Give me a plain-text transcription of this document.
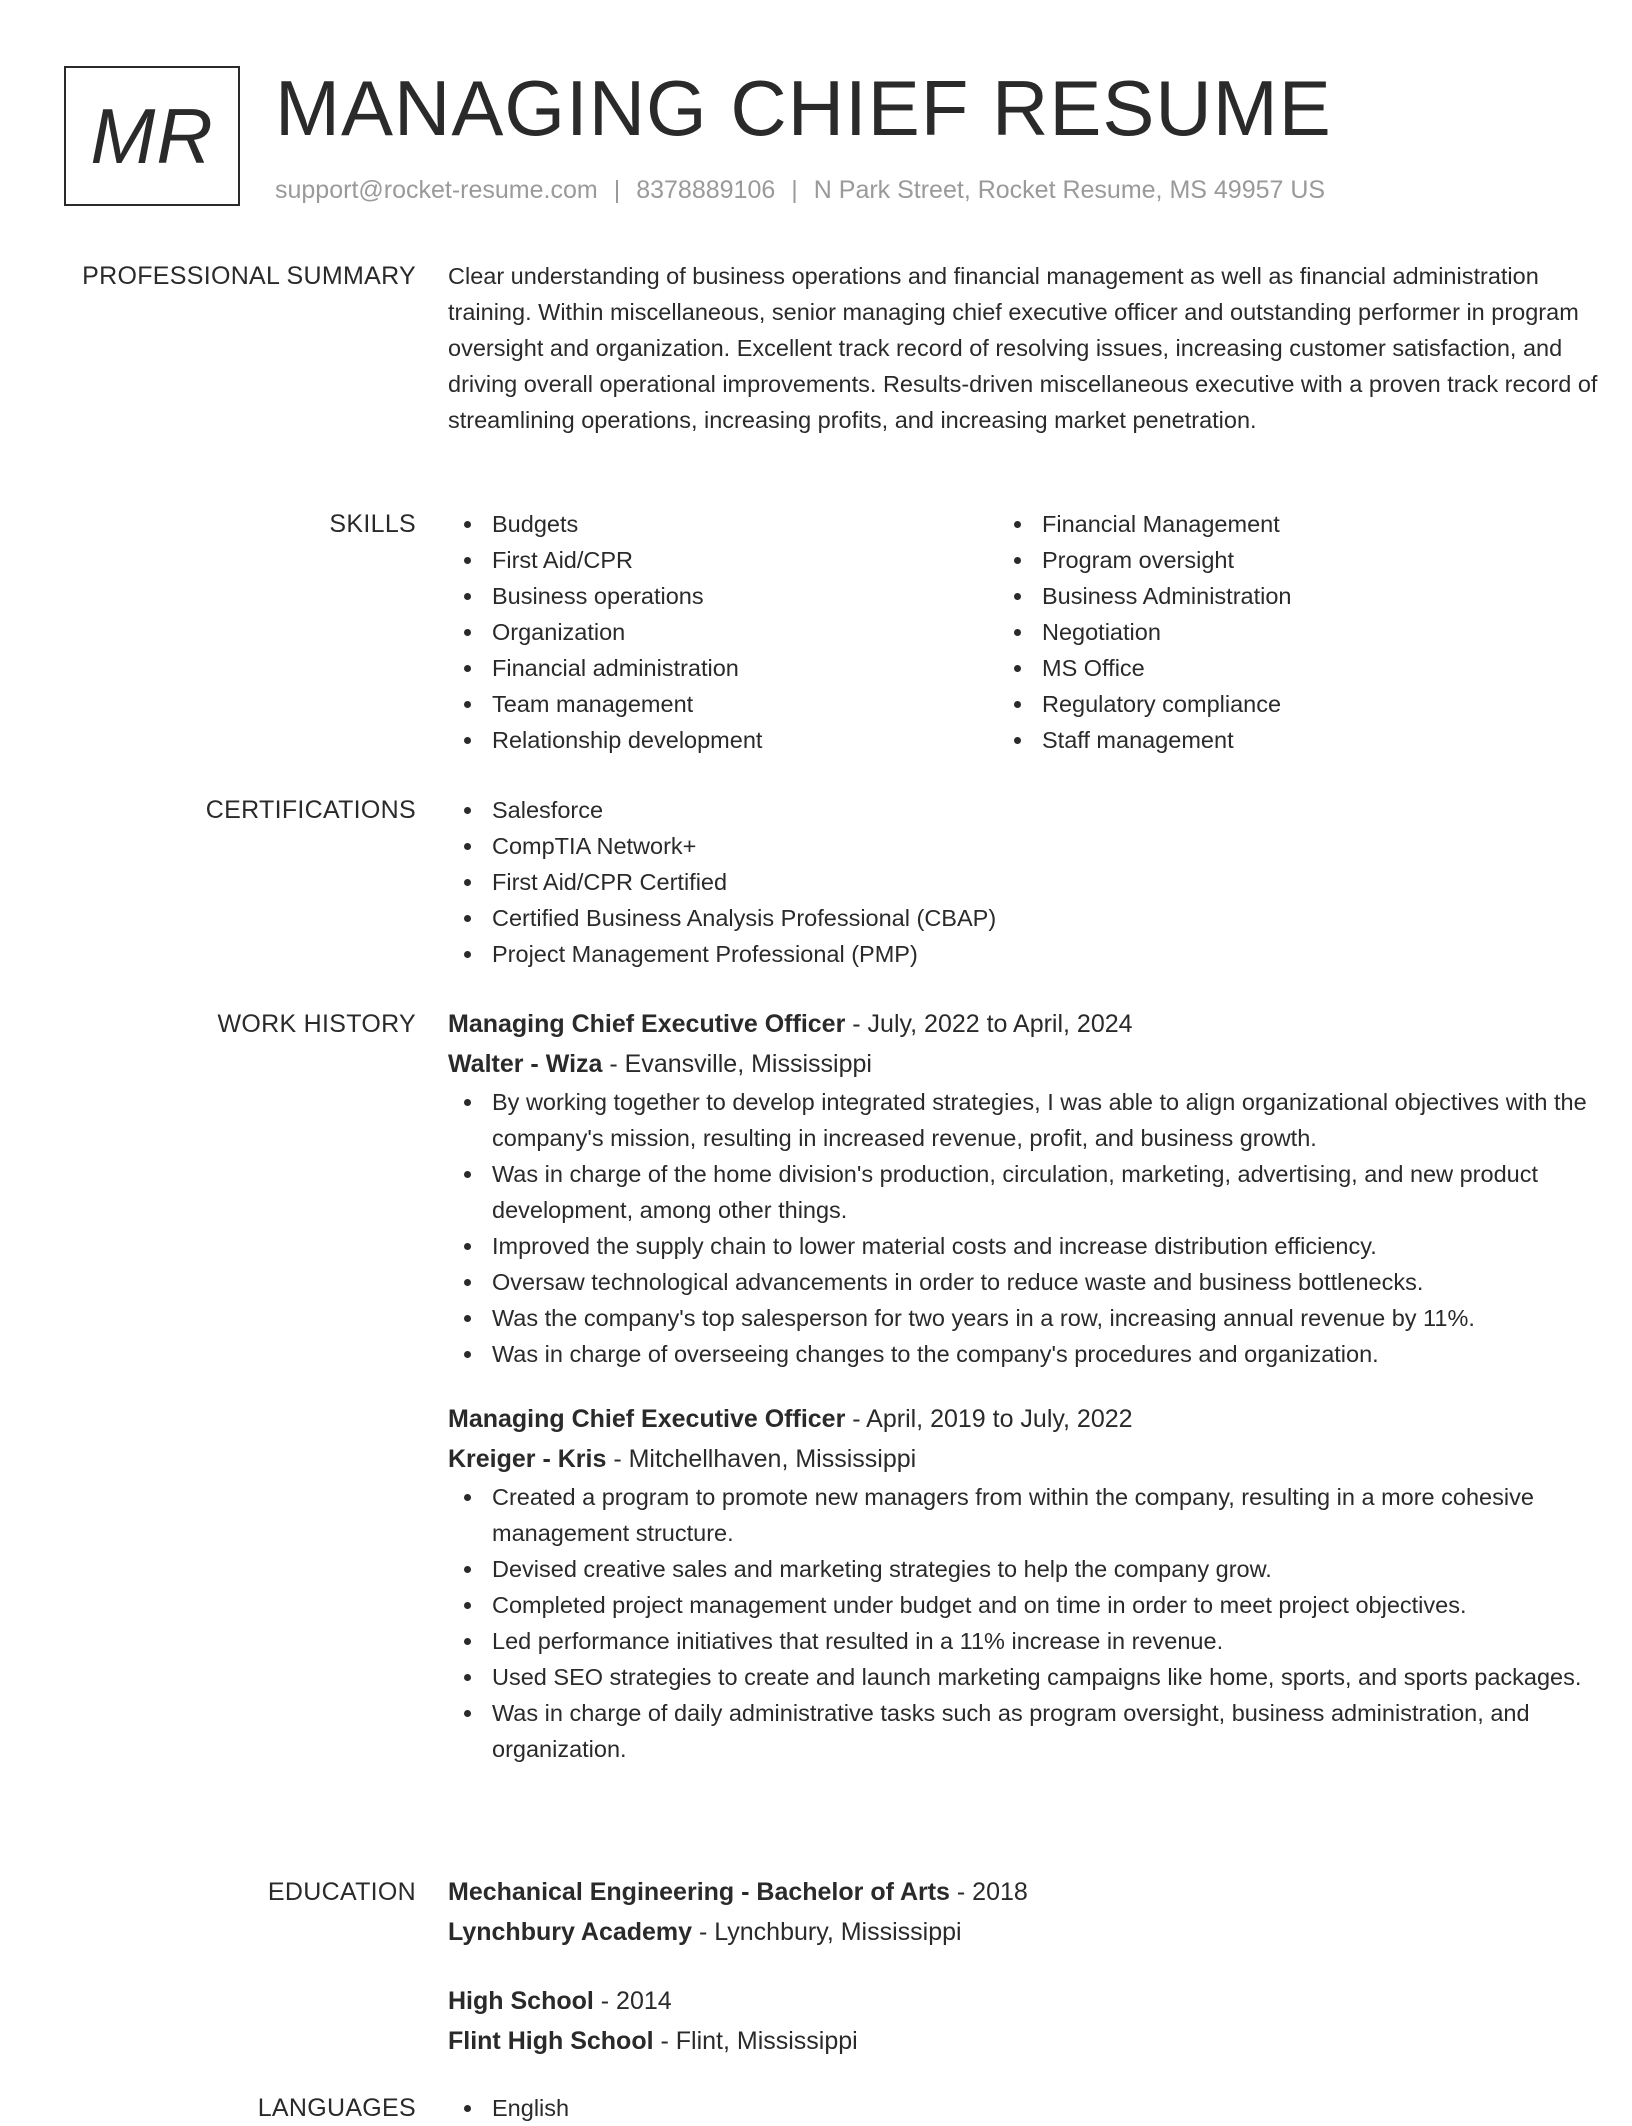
MR MANAGING CHIEF RESUME
support@rocket-resume.com | 8378889106 | N Park Street, Rocket Resume, MS 49957 US
PROFESSIONAL SUMMARY Clear understanding of business operations and financial management as well as financial administration training. Within miscellaneous, senior managing chief executive officer and outstanding performer in program oversight and organization. Excellent track record of resolving issues, increasing customer satisfaction, and driving overall operational improvements. Results-driven miscellaneous executive with a proven track record of streamlining operations, increasing profits, and increasing market penetration.

SKILLS	Budgets
First Aid/CPR
Business operations
Organization
Financial administration
Team management
Relationship development
Financial Management
Program oversight
Business Administration
Negotiation
MS Office
Regulatory compliance
Staff management
CERTIFICATIONS	Salesforce
CompTIA Network+
First Aid/CPR Certified
Certified Business Analysis Professional (CBAP)
Project Management Professional (PMP)
WORK HISTORY Managing Chief Executive Officer - July, 2022 to April, 2024
Walter - Wiza - Evansville, Mississippi
By working together to develop integrated strategies, I was able to align organizational objectives with the company's mission, resulting in increased revenue, profit, and business growth.
Was in charge of the home division's production, circulation, marketing, advertising, and new product development, among other things.
Improved the supply chain to lower material costs and increase distribution efficiency.
Oversaw technological advancements in order to reduce waste and business bottlenecks.
Was the company's top salesperson for two years in a row, increasing annual revenue by 11%.
Was in charge of overseeing changes to the company's procedures and organization.
Managing Chief Executive Officer - April, 2019 to July, 2022
Kreiger - Kris - Mitchellhaven, Mississippi
Created a program to promote new managers from within the company, resulting in a more cohesive management structure.
Devised creative sales and marketing strategies to help the company grow.
Completed project management under budget and on time in order to meet project objectives.
Led performance initiatives that resulted in a 11% increase in revenue.
Used SEO strategies to create and launch marketing campaigns like home, sports, and sports packages.
Was in charge of daily administrative tasks such as program oversight, business administration, and organization.
EDUCATION Mechanical Engineering - Bachelor of Arts - 2018
Lynchbury Academy - Lynchbury, Mississippi
High School - 2014
Flint High School - Flint, Mississippi
LANGUAGES	English
